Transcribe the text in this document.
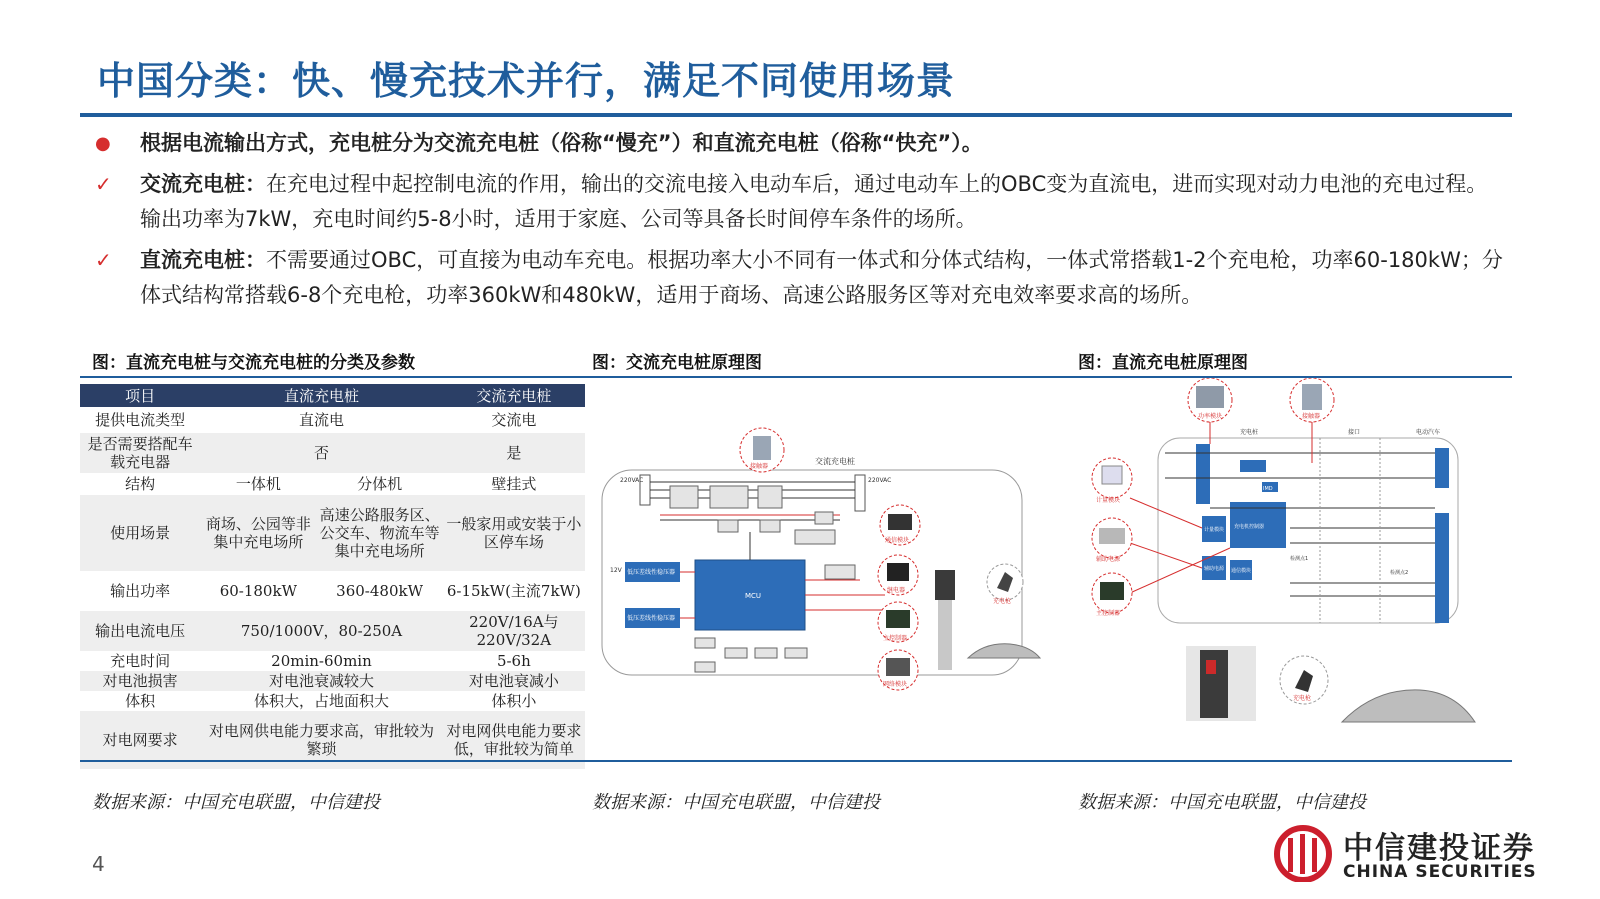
中国分类：快、慢充技术并行，满足不同使用场景
●	根据电流输出方式，充电桩分为交流充电桩（俗称“慢充”）和直流充电桩（俗称“快充”）。
✓	交流充电桩：在充电过程中起控制电流的作用，输出的交流电接入电动车后，通过电动车上的OBC变为直流电，进而实现对动力电池的充电过程。输出功率为7kW，充电时间约5-8小时，适用于家庭、公司等具备长时间停车条件的场所。
✓	直流充电桩：不需要通过OBC，可直接为电动车充电。根据功率大小不同有一体式和分体式结构，一体式常搭载1-2个充电枪，功率60-180kW；分体式结构常搭载6-8个充电枪，功率360kW和480kW，适用于商场、高速公路服务区等对充电效率要求高的场所。
图：直流充电桩与交流充电桩的分类及参数	图：交流充电桩原理图	图：直流充电桩原理图
项目	直流充电桩		交流充电桩
提供电流类型	直流电		交流电
是否需要搭配车载充电器	否		是
结构	一体机	分体机	壁挂式
使用场景	商场、公园等非集中充电场所	高速公路服务区、公交车、物流车等集中充电场所	一般家用或安装于小区停车场
输出功率	60-180kW	360-480kW	6-15kW(主流7kW)
输出电流电压	750/1000V，80-250A		220V/16A与220V/32A
充电时间	20min-60min		5-6h
对电池损害	对电池衰减较大		对电池衰减小
体积	体积大，占地面积大		体积小
对电网要求	对电网供电能力要求高，审批较为繁琐		对电网供电能力要求低，审批较为简单
交流充电桩
220VAC	220VAC
MCU
低压差线性稳压器
低压差线性稳压器
12V
接触器
通信模块
继电器
主控制器
网络模块
充电枪
功率模块	接触器
充电桩	接口	电动汽车
IMD
计量模块 充电机控制器
辅助电源 通信模块	检测点2
检测点1
计量模块
辅助电源
主控制器
充电枪
数据来源：中国充电联盟，中信建投	数据来源：中国充电联盟，中信建投	数据来源：中国充电联盟，中信建投
4	中信建投证券
CHINA SECURITIES
